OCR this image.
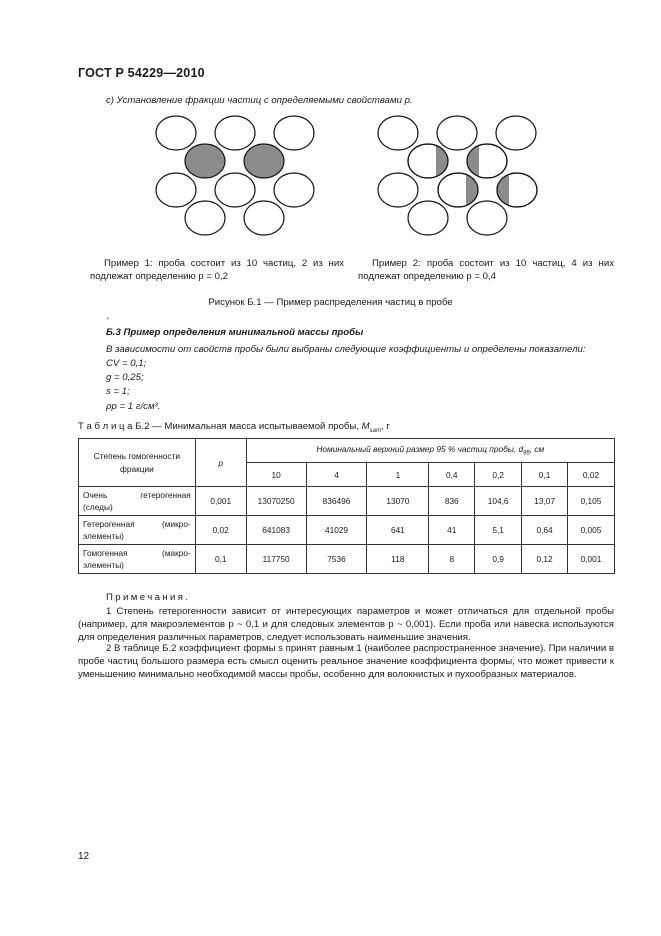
ГОСТ Р 54229—2010
с) Установление фракции частиц с определяемыми свойствами р.
Пример 1: проба состоит из 10 частиц, 2 из них
подлежат определению р = 0,2
Пример 2: проба состоит из 10 частиц, 4 из них
подлежат определению р = 0,4
Рисунок Б.1 — Пример распределения частиц в пробе
'
Б.3 Пример определения минимальной массы пробы
В зависимости от свойств пробы были выбраны следующие коэффициенты и определены показатели:
СV = 0,1;
g = 0,25;
s = 1;
ρр = 1 г/см³.
Т а б л и ц а Б.2 — Минимальная масса испытываемой пробы, $М_{sam}$, г
Степень гомогенности фракции	р	Номинальный верхний размер 95 % частиц пробы, $d_{95}$, см						
		10	4	1	0,4	0,2	0,1	0,02
Очень гетерогенная (следы)	0,001	13070250	836496	13070	836	104,6	13,07	0,105
Гетерогенная (микро-элементы)	0,02	641083	41029	641	41	5,1	0,64	0,005
Гомогенная (макро-элементы)	0,1	117750	7536	118	8	0,9	0,12	0,001
Примечания.
1 Степень гетерогенности зависит от интересующих параметров и может отличаться для отдельной пробы (например, для макроэлементов р ~ 0,1 и для следовых элементов р ~ 0,001). Если проба или навеска используются для определения различных параметров, следует использовать наименьшие значения.
2 В таблице Б.2 коэффициент формы s принят равным 1 (наиболее распространенное значение). При наличии в пробе частиц большого размера есть смысл оценить реальное значение коэффициента формы, что может привести к уменьшению минимально необходимой массы пробы, особенно для волокнистых и пухообразных материалов.
12
